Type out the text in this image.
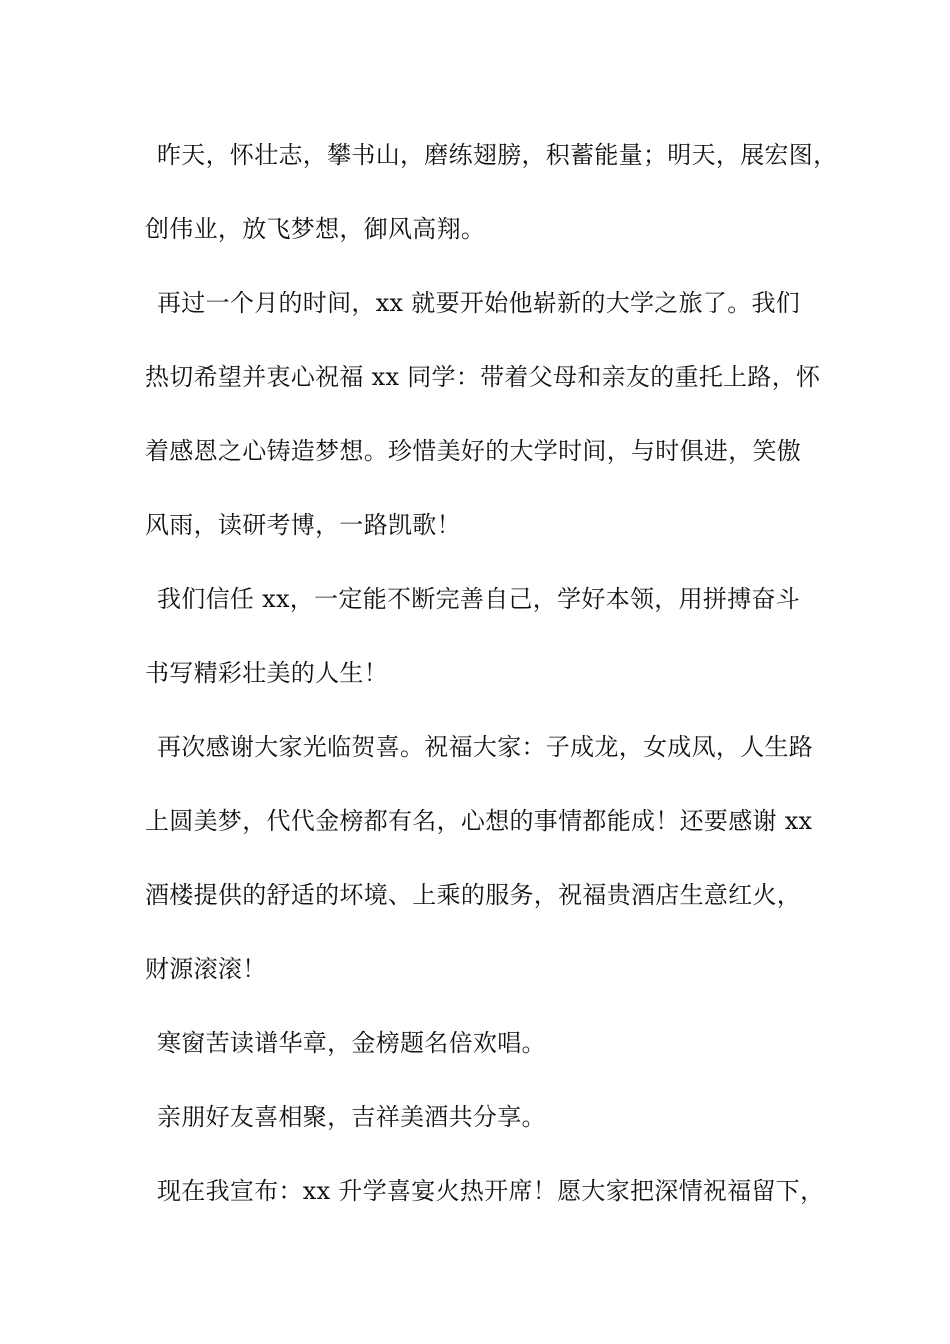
昨天，怀壮志，攀书山，磨练翅膀，积蓄能量；明天，展宏图，
创伟业，放飞梦想，御风高翔。
再过一个月的时间，xx 就要开始他崭新的大学之旅了。我们
热切希望并衷心祝福 xx 同学：带着父母和亲友的重托上路，怀
着感恩之心铸造梦想。珍惜美好的大学时间，与时俱进，笑傲
风雨，读研考博，一路凯歌！
我们信任 xx，一定能不断完善自己，学好本领，用拼搏奋斗
书写精彩壮美的人生！
再次感谢大家光临贺喜。祝福大家：子成龙，女成凤，人生路
上圆美梦，代代金榜都有名，心想的事情都能成！还要感谢 xx
酒楼提供的舒适的坏境、上乘的服务，祝福贵酒店生意红火，
财源滚滚！
寒窗苦读谱华章，金榜题名倍欢唱。
亲朋好友喜相聚，吉祥美酒共分享。
现在我宣布：xx 升学喜宴火热开席！愿大家把深情祝福留下，
